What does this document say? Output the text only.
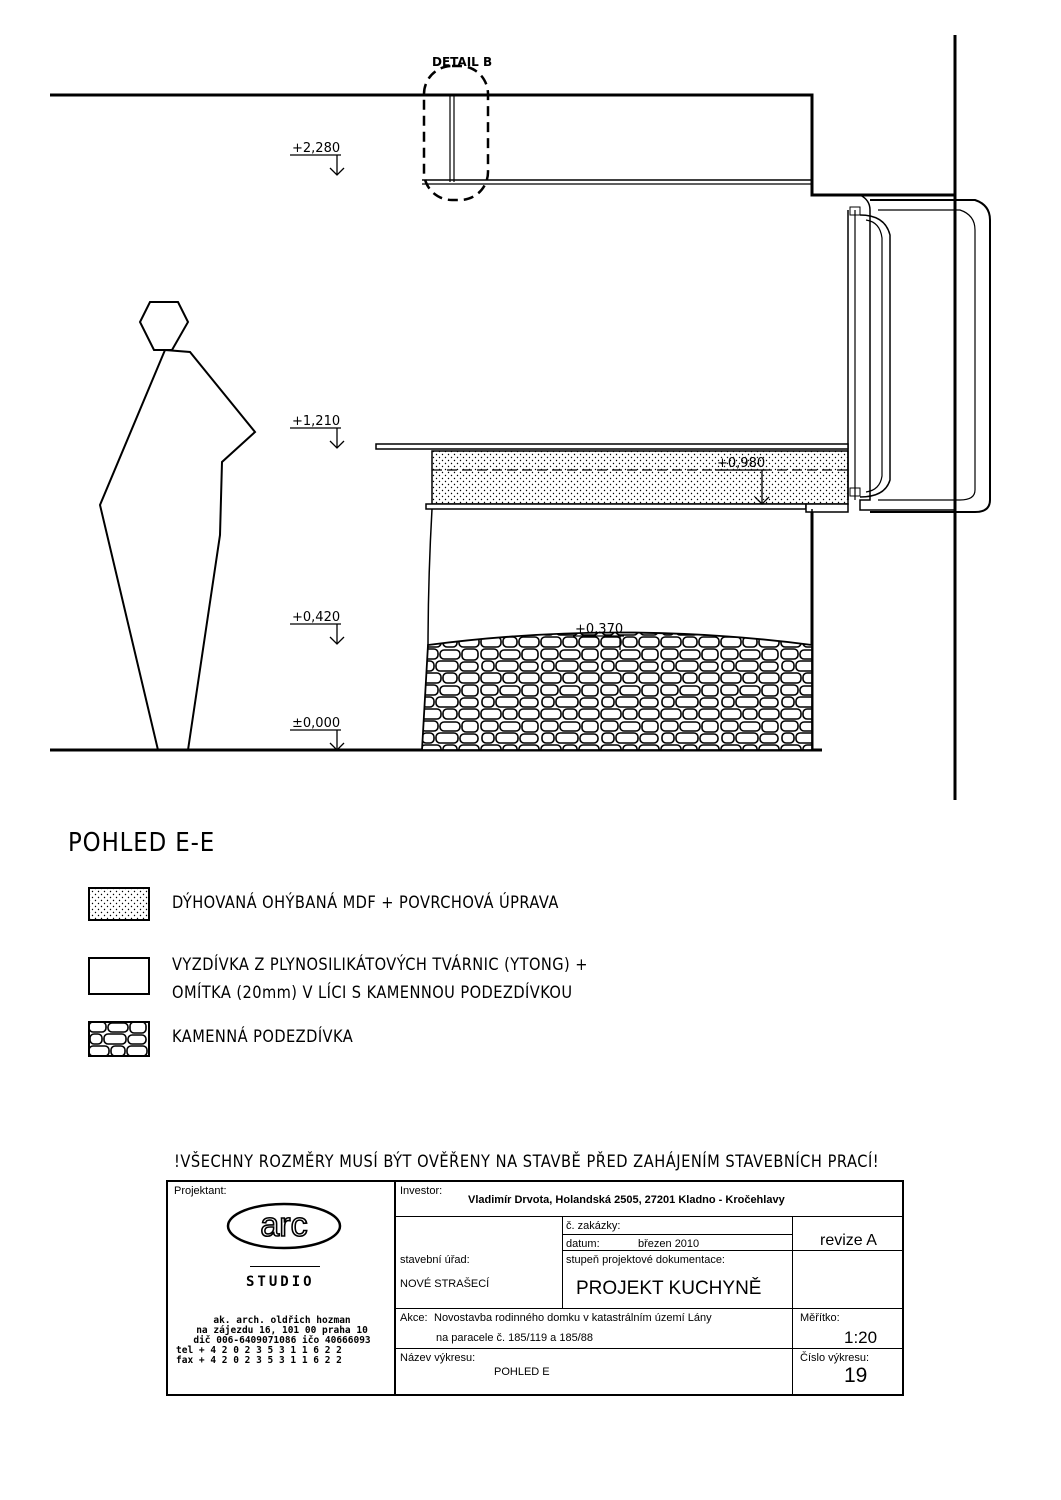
+2,280
+1,210
+0,980
+0,420
+0,370
±0,000
DETAIL B
POHLED E-E
DÝHOVANÁ OHÝBANÁ MDF + POVRCHOVÁ ÚPRAVA
VYZDÍVKA Z PLYNOSILIKÁTOVÝCH TVÁRNIC (YTONG) +
OMÍTKA (20mm) V LÍCI S KAMENNOU PODEZDÍVKOU
KAMENNÁ PODEZDÍVKA
!VŠECHNY ROZMĚRY MUSÍ BÝT OVĚŘENY NA STAVBĚ PŘED ZAHÁJENÍM STAVEBNÍCH PRACÍ!
Projektant:
arc
STUDIO
ak. arch. oldřich hozman
na zájezdu 16, 101 00 praha 10
dič 006-6409071086 ičo 40666093
tel + 4 2 0 2 3 5 3 1 1 6 2 2
fax + 4 2 0 2 3 5 3 1 1 6 2 2
Investor:
Vladimír Drvota, Holandská 2505, 27201 Kladno - Kročehlavy
č. zakázky:
datum:	březen 2010	revize A
stavební úřad:
NOVÉ STRAŠECÍ
stupeň projektové dokumentace:
PROJEKT KUCHYNĚ
Akce: Novostavba rodinného domku v katastrálním území Lány
na paracele č. 185/119 a 185/88
Měřítko:
1:20
Název výkresu:
POHLED E
Číslo výkresu:
19
